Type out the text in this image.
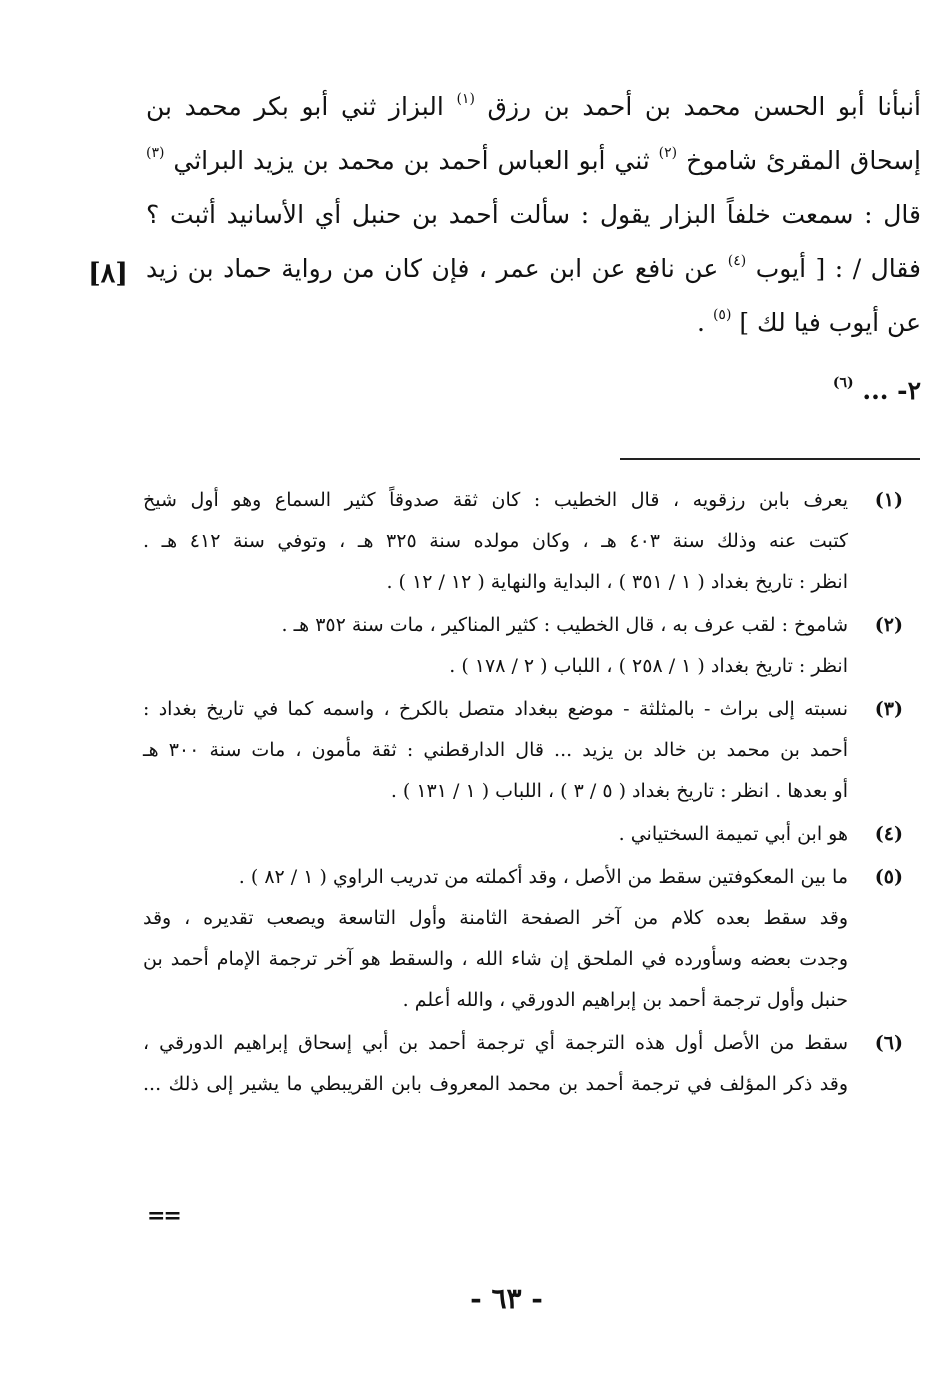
أنبأنا أبو الحسن محمد بن أحمد بن رزق $^{(١)}$ البزاز ثني أبو بكر محمد بن
إسحاق المقرئ شاموخ $^{(٢)}$ ثني أبو العباس أحمد بن محمد بن يزيد البراثي $^{(٣)}$
قال : سمعت خلفاً البزار يقول : سألت أحمد بن حنبل أي الأسانيد أثبت ؟
فقال / : [ أيوب $^{(٤)}$ عن نافع عن ابن عمر ، فإن كان من رواية حماد بن زيد
عن أيوب فيا لك ] $^{(٥)}$ .

[٨]
٢- ... $^{(٦)}$
(١)
يعرف بابن رزقويه ، قال الخطيب : كان ثقة صدوقاً كثير السماع وهو أول شيخ
كتبت عنه وذلك سنة ٤٠٣ هـ ، وكان مولده سنة ٣٢٥ هـ ، وتوفي سنة ٤١٢ هـ .
انظر : تاريخ بغداد ( ١ / ٣٥١ ) ، البداية والنهاية ( ١٢ / ١٢ ) .
(٢)
شاموخ : لقب عرف به ، قال الخطيب : كثير المناكير ، مات سنة ٣٥٢ هـ .
انظر : تاريخ بغداد ( ١ / ٢٥٨ ) ، اللباب ( ٢ / ١٧٨ ) .
(٣)
نسبته إلى براث - بالمثلثة - موضع ببغداد متصل بالكرخ ، واسمه كما في تاريخ بغداد :
أحمد بن محمد بن خالد بن يزيد ... قال الدارقطني : ثقة مأمون ، مات سنة ٣٠٠ هـ
أو بعدها . انظر : تاريخ بغداد ( ٥ / ٣ ) ، اللباب ( ١ / ١٣١ ) .
(٤)
هو ابن أبي تميمة السختياني .
(٥)
ما بين المعكوفتين سقط من الأصل ، وقد أكملته من تدريب الراوي ( ١ / ٨٢ ) .
وقد سقط بعده كلام من آخر الصفحة الثامنة وأول التاسعة ويصعب تقديره ، وقد
وجدت بعضه وسأورده في الملحق إن شاء الله ، والسقط هو آخر ترجمة الإمام أحمد بن
حنبل وأول ترجمة أحمد بن إبراهيم الدورقي ، والله أعلم .
(٦)
سقط من الأصل أول هذه الترجمة أي ترجمة أحمد بن أبي إسحاق إبراهيم الدورقي ،
وقد ذكر المؤلف في ترجمة أحمد بن محمد المعروف بابن القريبطي ما يشير إلى ذلك ...
==
- ٦٣ -
